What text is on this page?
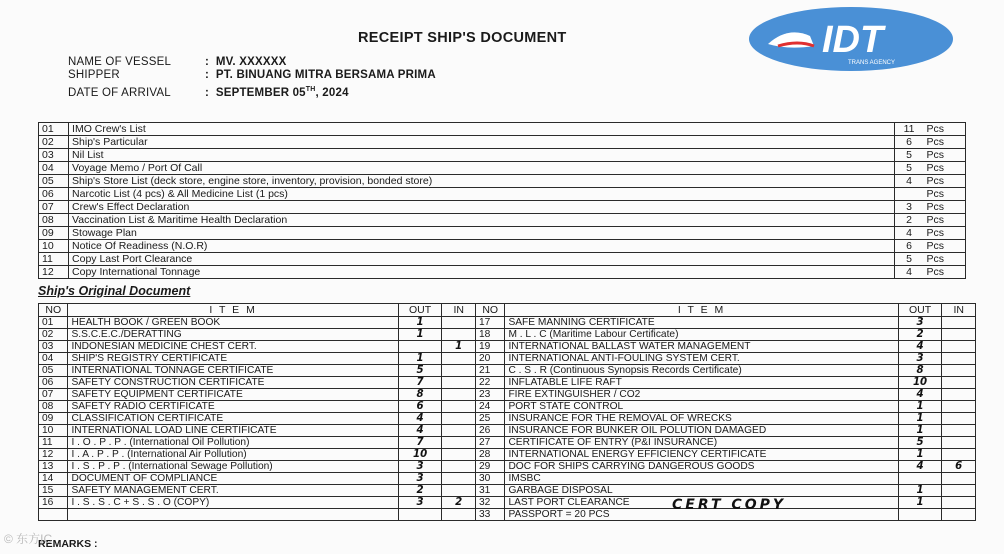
RECEIPT SHIP'S DOCUMENT	IDT
TRANS AGENCY
NAME OF VESSEL	: MV. XXXXXX
SHIPPER	: PT. BINUANG MITRA BERSAMA PRIMA
DATE OF ARRIVAL	: SEPTEMBER 05TH, 2024
01	IMO Crew's List	11	Pcs
02	Ship's Particular	6	Pcs
03	Nil List	5	Pcs
04	Voyage Memo / Port Of Call	5	Pcs
05	Ship's Store List (deck store, engine store, inventory, provision, bonded store)	4	Pcs
06	Narcotic List (4 pcs) & All Medicine List (1 pcs)		Pcs
07	Crew's Effect Declaration	3	Pcs
08	Vaccination List & Maritime Health Declaration	2	Pcs
09	Stowage Plan	4	Pcs
10	Notice Of Readiness (N.O.R)	6	Pcs
11	Copy Last Port Clearance	5	Pcs
12	Copy International Tonnage	4	Pcs
Ship's Original Document
NO	I T E M	OUT	IN	NO	I T E M	OUT	IN
01	HEALTH BOOK / GREEN BOOK	1		17	SAFE MANNING CERTIFICATE	3	
02	S.S.C.E.C./DERATTING	1		18	M . L . C (Maritime Labour Certificate)	2	
03	INDONESIAN MEDICINE CHEST CERT.		1	19	INTERNATIONAL BALLAST WATER MANAGEMENT	4	
04	SHIP'S REGISTRY CERTIFICATE	1		20	INTERNATIONAL ANTI-FOULING SYSTEM CERT.	3	
05	INTERNATIONAL TONNAGE CERTIFICATE	5		21	C . S . R (Continuous Synopsis Records Certificate)	8	
06	SAFETY CONSTRUCTION CERTIFICATE	7		22	INFLATABLE LIFE RAFT	10	
07	SAFETY EQUIPMENT CERTIFICATE	8		23	FIRE EXTINGUISHER / CO2	4	
08	SAFETY RADIO CERTIFICATE	6		24	PORT STATE CONTROL	1	
09	CLASSIFICATION CERTIFICATE	4		25	INSURANCE FOR THE REMOVAL OF WRECKS	1	
10	INTERNATIONAL LOAD LINE CERTIFICATE	4		26	INSURANCE FOR BUNKER OIL POLUTION DAMAGED	1	
11	I . O . P . P . (International Oil Pollution)	7		27	CERTIFICATE OF ENTRY (P&I INSURANCE)	5	
12	I . A . P . P . (International Air Pollution)	10		28	INTERNATIONAL ENERGY EFFICIENCY CERTIFICATE	1	
13	I . S . P . P . (International Sewage Pollution)	3		29	DOC FOR SHIPS CARRYING DANGEROUS GOODS	4	6
14	DOCUMENT OF COMPLIANCE	3		30	IMSBC		
15	SAFETY MANAGEMENT CERT.	2		31	GARBAGE DISPOSAL	1	
16	I . S . S . C + S . S . O (COPY)	3	2	32	LAST PORT CLEARANCE	1	
				33	PASSPORT = 20 PCS		
CERT COPY
REMARKS :
© 东方IC
